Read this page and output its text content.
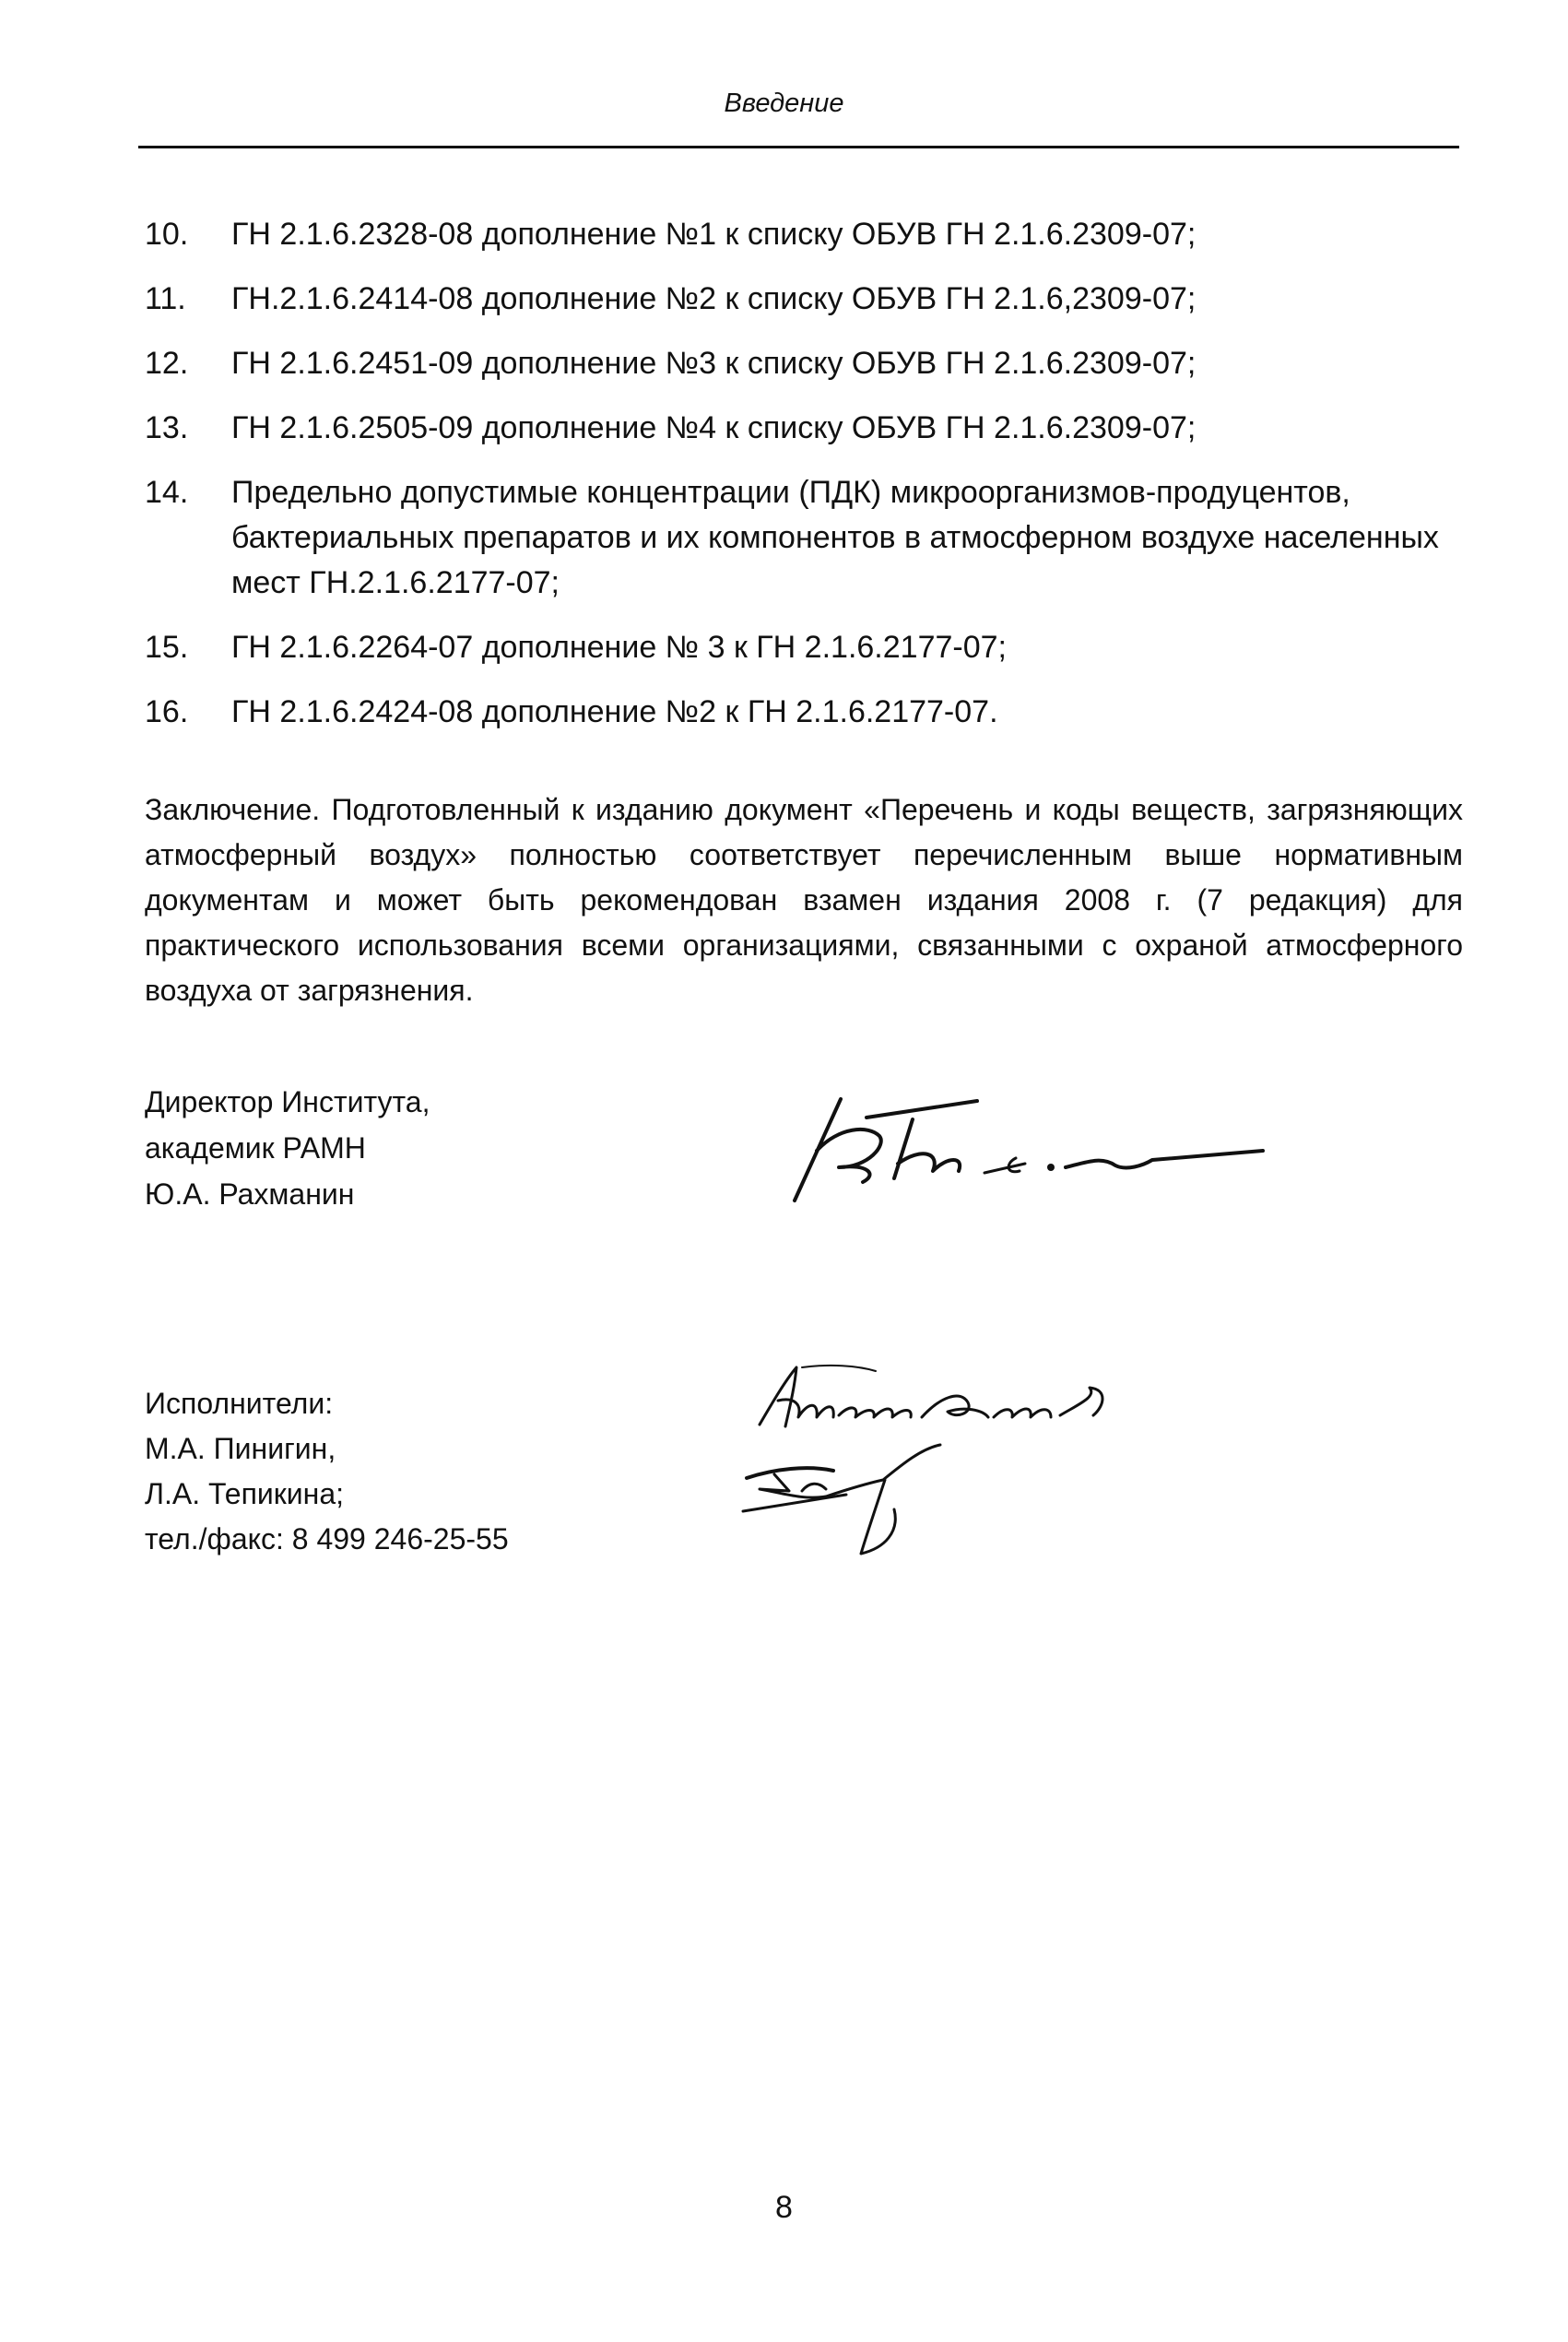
Введение
10.	ГН 2.1.6.2328-08 дополнение №1 к списку ОБУВ ГН 2.1.6.2309-07;
11.	ГН.2.1.6.2414-08 дополнение №2 к списку ОБУВ ГН 2.1.6,2309-07;
12.	ГН 2.1.6.2451-09 дополнение №3 к списку ОБУВ ГН 2.1.6.2309-07;
13.	ГН 2.1.6.2505-09 дополнение №4 к списку ОБУВ ГН 2.1.6.2309-07;
14.	Предельно допустимые концентрации (ПДК) микроорганизмов-продуцентов, бактериальных препаратов и их компонентов в атмосферном воздухе населенных мест ГН.2.1.6.2177-07;
15.	ГН 2.1.6.2264-07 дополнение № 3 к ГН 2.1.6.2177-07;
16.	ГН 2.1.6.2424-08 дополнение №2 к ГН 2.1.6.2177-07.
Заключение. Подготовленный к изданию документ «Перечень и коды веществ, загрязняющих атмосферный воздух» полностью соответствует перечисленным выше нормативным документам и может быть рекомендован взамен издания 2008 г. (7 редакция) для практического использования всеми организациями, связанными с охраной атмосферного воздуха от загрязнения.
Директор Института,
академик РАМН
Ю.А. Рахманин
Исполнители:
М.А. Пинигин,
Л.А. Тепикина;
тел./факс: 8 499 246-25-55
8
